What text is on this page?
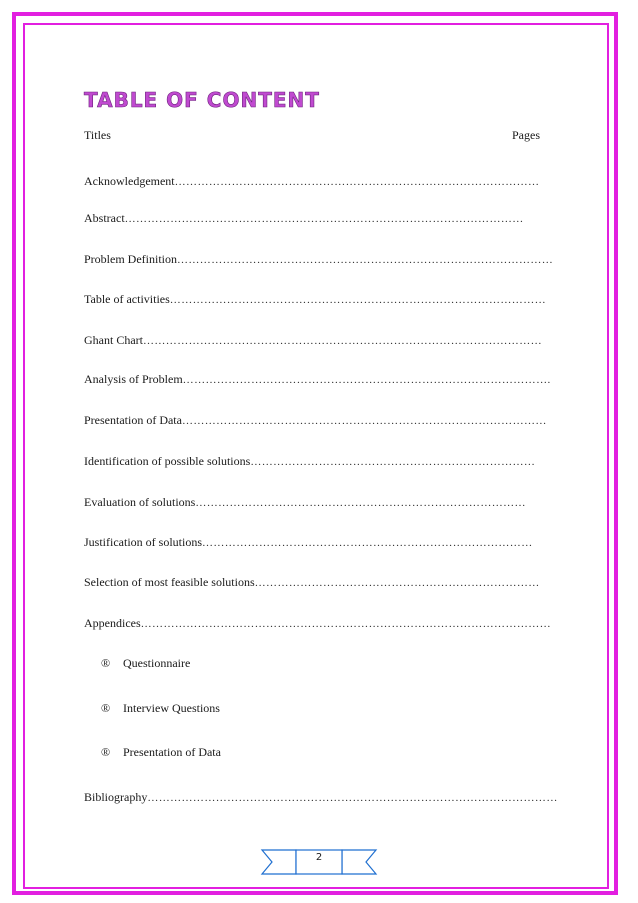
TABLE OF CONTENT
Titles	Pages
Acknowledgement……………………………………………………………………………………
Abstract……………………………………………………………………………………………
Problem Definition………………………………………………………………………………………
Table of activities………………………………………………………………………………………
Ghant Chart……………………………………………………………………………………………
Analysis of Problem…………………………………………………………………………………….
Presentation of Data……………………………………………………………………………………
Identification of possible solutions…………………………………………………………………
Evaluation of solutions……………………………………………………………………………
Justification of solutions……………………………………………………………………………
Selection of most feasible solutions…………………………………………………………………
Appendices………………………………………………………………………………………………
® Questionnaire
® Interview Questions
® Presentation of Data
Bibliography………………………………………………………………………………………………
2
